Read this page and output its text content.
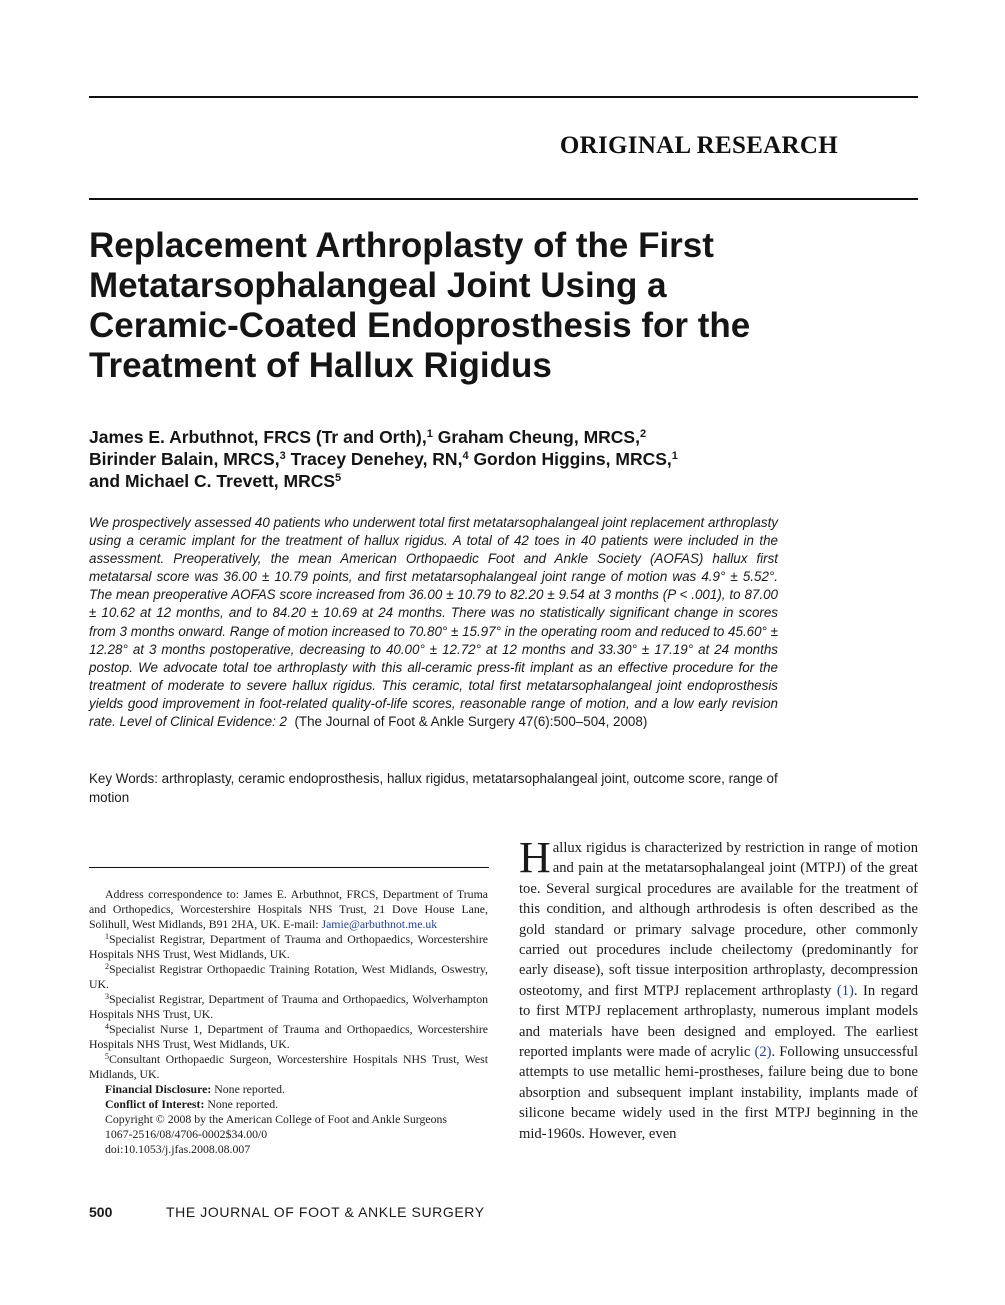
ORIGINAL RESEARCH
Replacement Arthroplasty of the First
Metatarsophalangeal Joint Using a
Ceramic-Coated Endoprosthesis for the
Treatment of Hallux Rigidus
James E. Arbuthnot, FRCS (Tr and Orth),$^1$ Graham Cheung, MRCS,$^2$
Birinder Balain, MRCS,$^3$ Tracey Denehey, RN,$^4$ Gordon Higgins, MRCS,$^1$
and Michael C. Trevett, MRCS$^5$

We prospectively assessed 40 patients who underwent total first metatarsophalangeal joint replacement arthroplasty using a ceramic implant for the treatment of hallux rigidus. A total of 42 toes in 40 patients were included in the assessment. Preoperatively, the mean American Orthopaedic Foot and Ankle Society (AOFAS) hallux first metatarsal score was 36.00 ± 10.79 points, and first metatarsophalangeal joint range of motion was 4.9° ± 5.52°. The mean preoperative AOFAS score increased from 36.00 ± 10.79 to 82.20 ± 9.54 at 3 months (P < .001), to 87.00 ± 10.62 at 12 months, and to 84.20 ± 10.69 at 24 months. There was no statistically significant change in scores from 3 months onward. Range of motion increased to 70.80° ± 15.97° in the operating room and reduced to 45.60° ± 12.28° at 3 months postoperative, decreasing to 40.00° ± 12.72° at 12 months and 33.30° ± 17.19° at 24 months postop. We advocate total toe arthroplasty with this all-ceramic press-fit implant as an effective procedure for the treatment of moderate to severe hallux rigidus. This ceramic, total first metatarsophalangeal joint endoprosthesis yields good improvement in foot-related quality-of-life scores, reasonable range of motion, and a low early revision rate. Level of Clinical Evidence: 2 (The Journal of Foot & Ankle Surgery 47(6):500–504, 2008)

Key Words: arthroplasty, ceramic endoprosthesis, hallux rigidus, metatarsophalangeal joint, outcome score, range of motion

Address correspondence to: James E. Arbuthnot, FRCS, Department of Truma and Orthopedics, Worcestershire Hospitals NHS Trust, 21 Dove House Lane, Solihull, West Midlands, B91 2HA, UK. E-mail: Jamie@arbuthnot.me.uk

$^1$Specialist Registrar, Department of Trauma and Orthopaedics, Worcestershire Hospitals NHS Trust, West Midlands, UK.

$^2$Specialist Registrar Orthopaedic Training Rotation, West Midlands, Oswestry, UK.

$^3$Specialist Registrar, Department of Trauma and Orthopaedics, Wolverhampton Hospitals NHS Trust, UK.

$^4$Specialist Nurse 1, Department of Trauma and Orthopaedics, Worcestershire Hospitals NHS Trust, West Midlands, UK.

$^5$Consultant Orthopaedic Surgeon, Worcestershire Hospitals NHS Trust, West Midlands, UK.

Financial Disclosure: None reported.

Conflict of Interest: None reported.

Copyright © 2008 by the American College of Foot and Ankle Surgeons

1067-2516/08/4706-0002$34.00/0

doi:10.1053/j.jfas.2008.08.007

Hallux rigidus is characterized by restriction in range of motion and pain at the metatarsophalangeal joint (MTPJ) of the great toe. Several surgical procedures are available for the treatment of this condition, and although arthrodesis is often described as the gold standard or primary salvage procedure, other commonly carried out procedures include cheilectomy (predominantly for early disease), soft tissue interposition arthroplasty, decompression osteotomy, and first MTPJ replacement arthroplasty (1). In regard to first MTPJ replacement arthroplasty, numerous implant models and materials have been designed and employed. The earliest reported implants were made of acrylic (2). Following unsuccessful attempts to use metallic hemi-prostheses, failure being due to bone absorption and subsequent implant instability, implants made of silicone became widely used in the first MTPJ beginning in the mid-1960s. However, even

500	THE JOURNAL OF FOOT & ANKLE SURGERY
